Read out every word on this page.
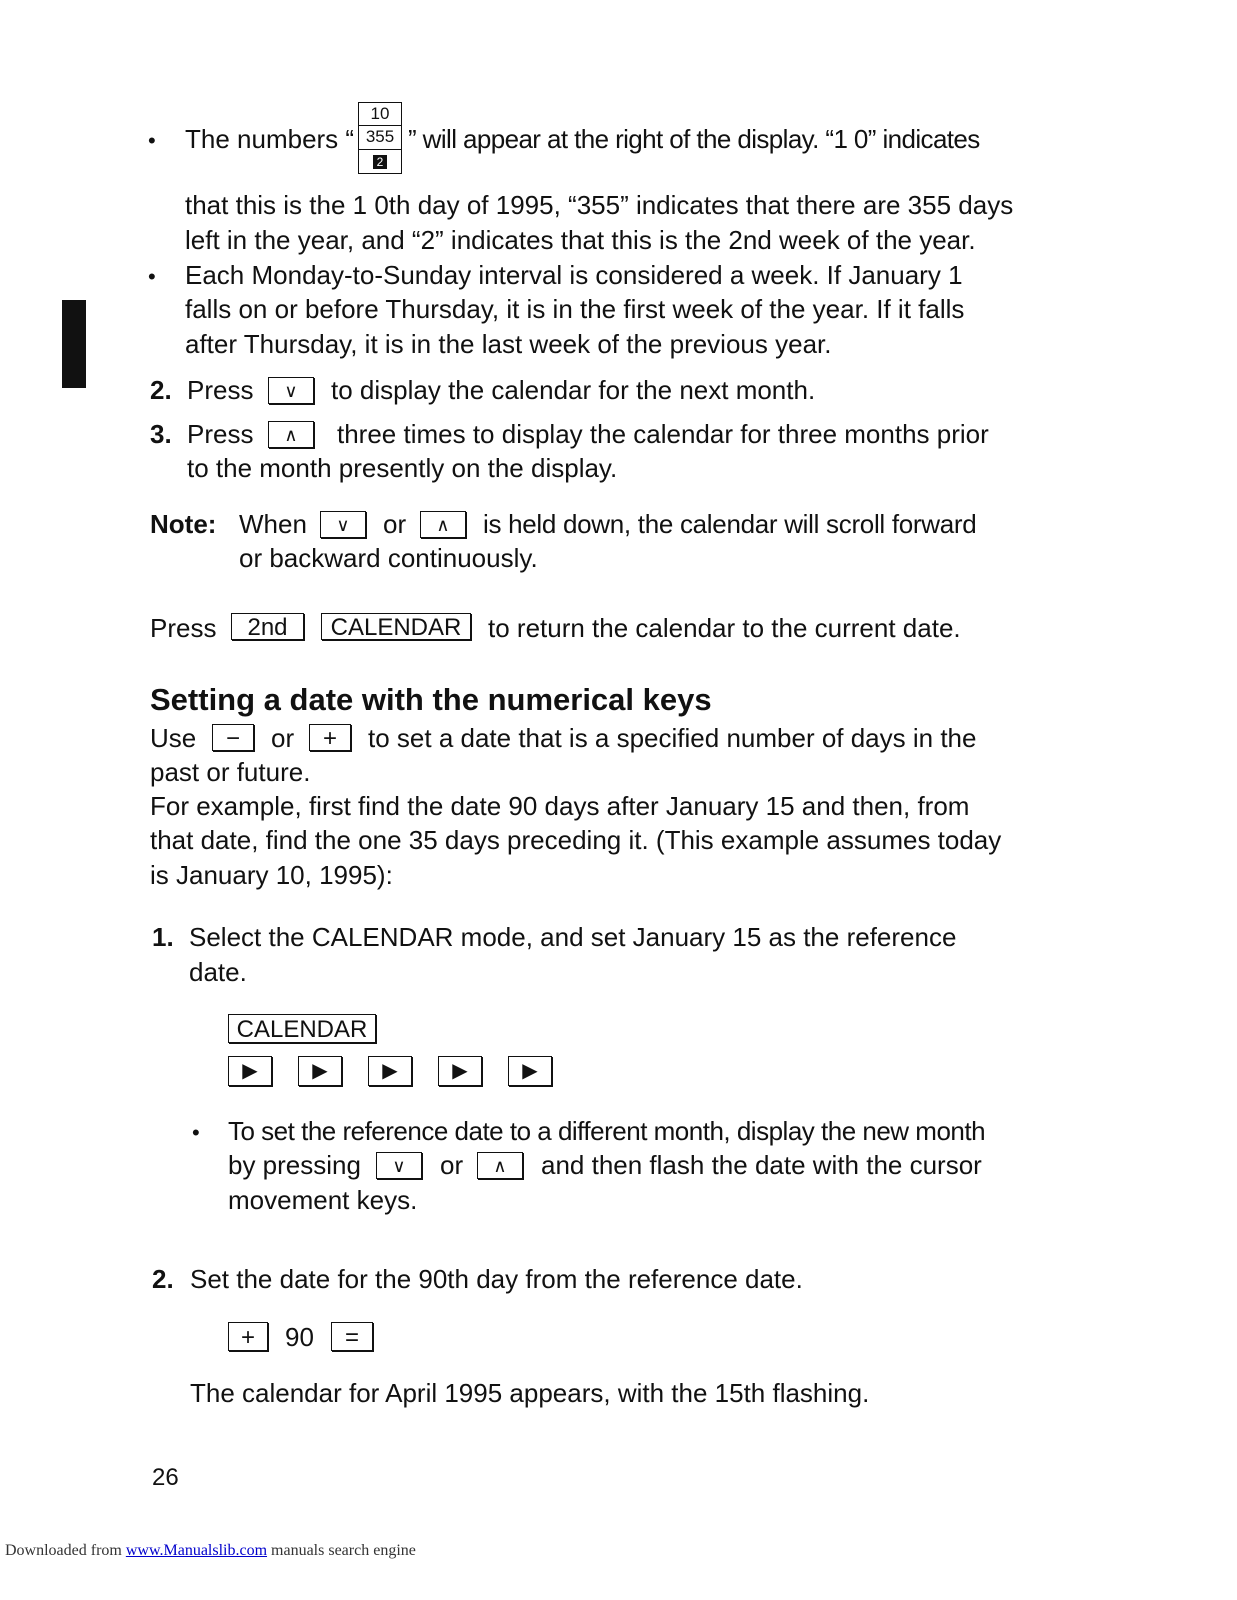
• The numbers “
10 355 2
” will appear at the right of the display. “1 0” indicates
that this is the 1 0th day of 1995, “355” indicates that there are 355 days
left in the year, and “2” indicates that this is the 2nd week of the year.
• Each Monday-to-Sunday interval is considered a week. If January 1
falls on or before Thursday, it is in the first week of the year. If it falls
after Thursday, it is in the last week of the previous year.
2. Press	∨	to display the calendar for the next month.
3. Press	∧	three times to display the calendar for three months prior
to the month presently on the display.
Note: When	∨	or	∧	is held down, the calendar will scroll forward
or backward continuously.
Press	2nd	CALENDAR	to return the calendar to the current date.
Setting a date with the numerical keys
Use	−	or	+	to set a date that is a specified number of days in the
past or future.
For example, first find the date 90 days after January 15 and then, from
that date, find the one 35 days preceding it. (This example assumes today
is January 10, 1995):
1. Select the CALENDAR mode, and set January 15 as the reference
date.
CALENDAR
▶	▶	▶	▶	▶
• To set the reference date to a different month, display the new month
by pressing	∨	or	∧	and then flash the date with the cursor
movement keys.
2. Set the date for the 90th day from the reference date.
+	90	=
The calendar for April 1995 appears, with the 15th flashing.
26
Downloaded from www.Manualslib.com manuals search engine
